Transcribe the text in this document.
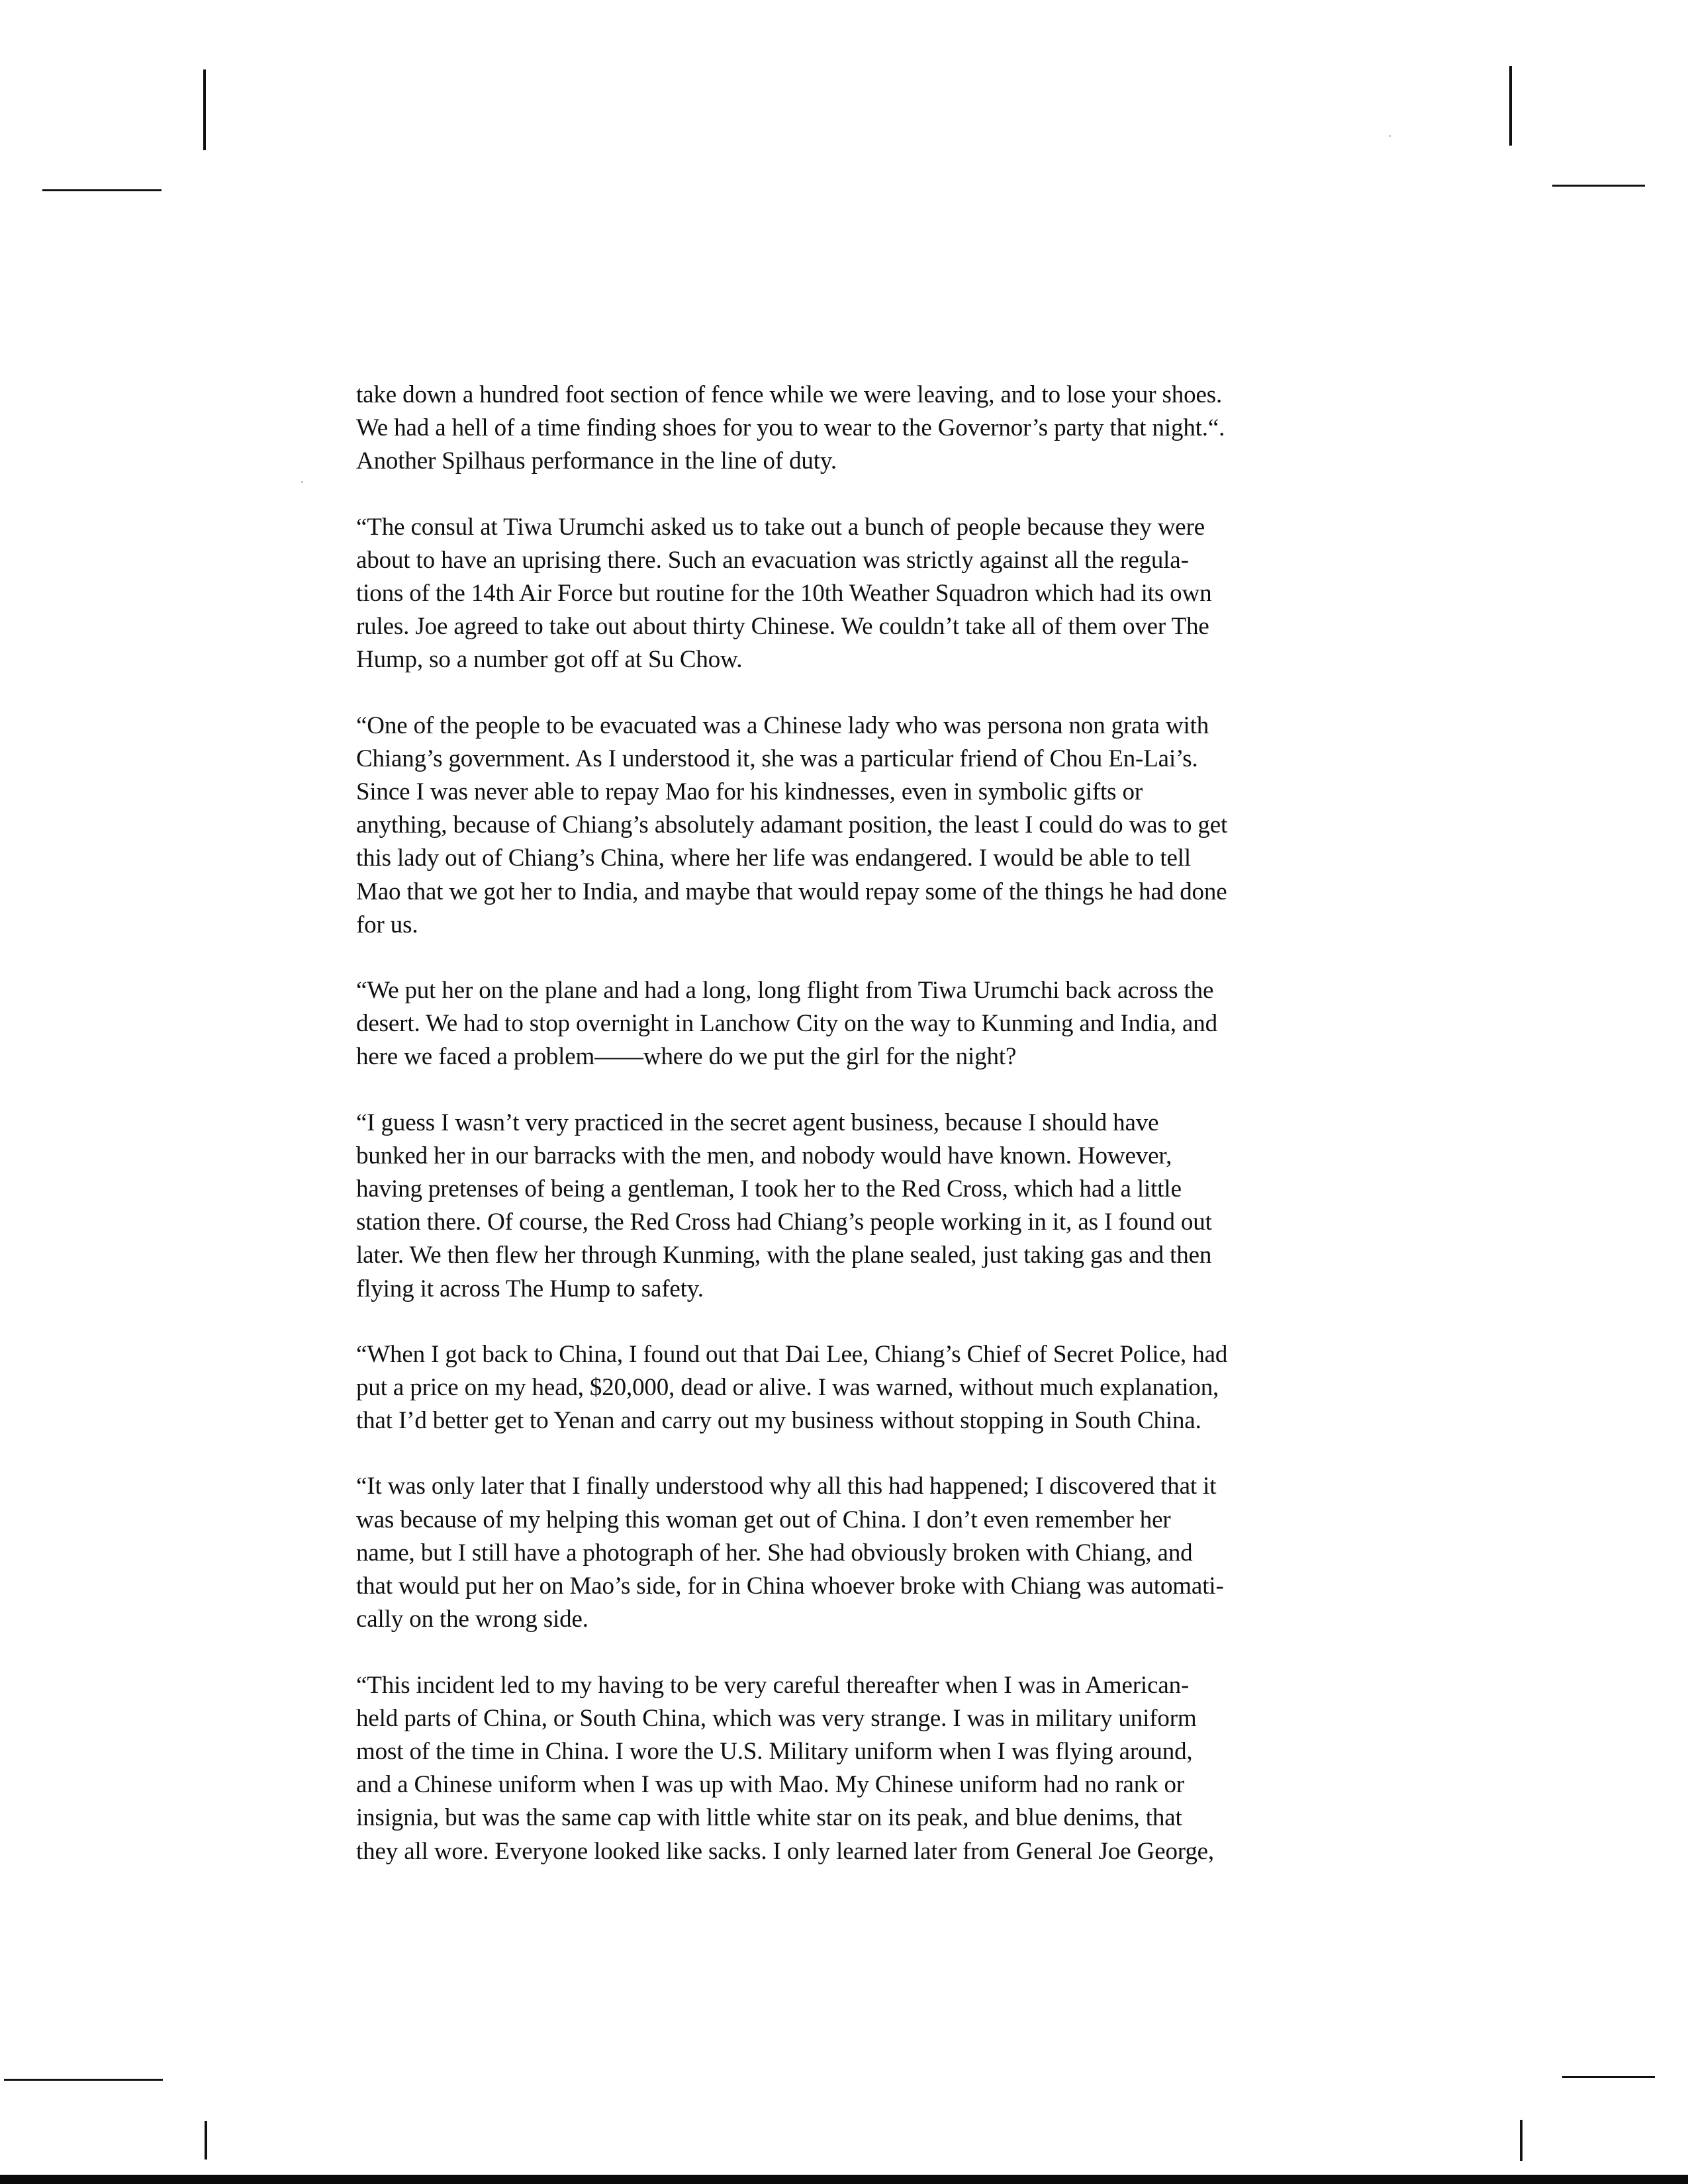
take down a hundred foot section of fence while we were leaving, and to lose your shoes.
We had a hell of a time finding shoes for you to wear to the Governor’s party that night.“.
Another Spilhaus performance in the line of duty.
“The consul at Tiwa Urumchi asked us to take out a bunch of people because they were
about to have an uprising there. Such an evacuation was strictly against all the regula-
tions of the 14th Air Force but routine for the 10th Weather Squadron which had its own
rules. Joe agreed to take out about thirty Chinese. We couldn’t take all of them over The
Hump, so a number got off at Su Chow.
“One of the people to be evacuated was a Chinese lady who was persona non grata with
Chiang’s government. As I understood it, she was a particular friend of Chou En-Lai’s.
Since I was never able to repay Mao for his kindnesses, even in symbolic gifts or
anything, because of Chiang’s absolutely adamant position, the least I could do was to get
this lady out of Chiang’s China, where her life was endangered. I would be able to tell
Mao that we got her to India, and maybe that would repay some of the things he had done
for us.
“We put her on the plane and had a long, long flight from Tiwa Urumchi back across the
desert. We had to stop overnight in Lanchow City on the way to Kunming and India, and
here we faced a problem——where do we put the girl for the night?
“I guess I wasn’t very practiced in the secret agent business, because I should have
bunked her in our barracks with the men, and nobody would have known. However,
having pretenses of being a gentleman, I took her to the Red Cross, which had a little
station there. Of course, the Red Cross had Chiang’s people working in it, as I found out
later. We then flew her through Kunming, with the plane sealed, just taking gas and then
flying it across The Hump to safety.
“When I got back to China, I found out that Dai Lee, Chiang’s Chief of Secret Police, had
put a price on my head, $20,000, dead or alive. I was warned, without much explanation,
that I’d better get to Yenan and carry out my business without stopping in South China.
“It was only later that I finally understood why all this had happened; I discovered that it
was because of my helping this woman get out of China. I don’t even remember her
name, but I still have a photograph of her. She had obviously broken with Chiang, and
that would put her on Mao’s side, for in China whoever broke with Chiang was automati-
cally on the wrong side.
“This incident led to my having to be very careful thereafter when I was in American-
held parts of China, or South China, which was very strange. I was in military uniform
most of the time in China. I wore the U.S. Military uniform when I was flying around,
and a Chinese uniform when I was up with Mao. My Chinese uniform had no rank or
insignia, but was the same cap with little white star on its peak, and blue denims, that
they all wore. Everyone looked like sacks. I only learned later from General Joe George,
